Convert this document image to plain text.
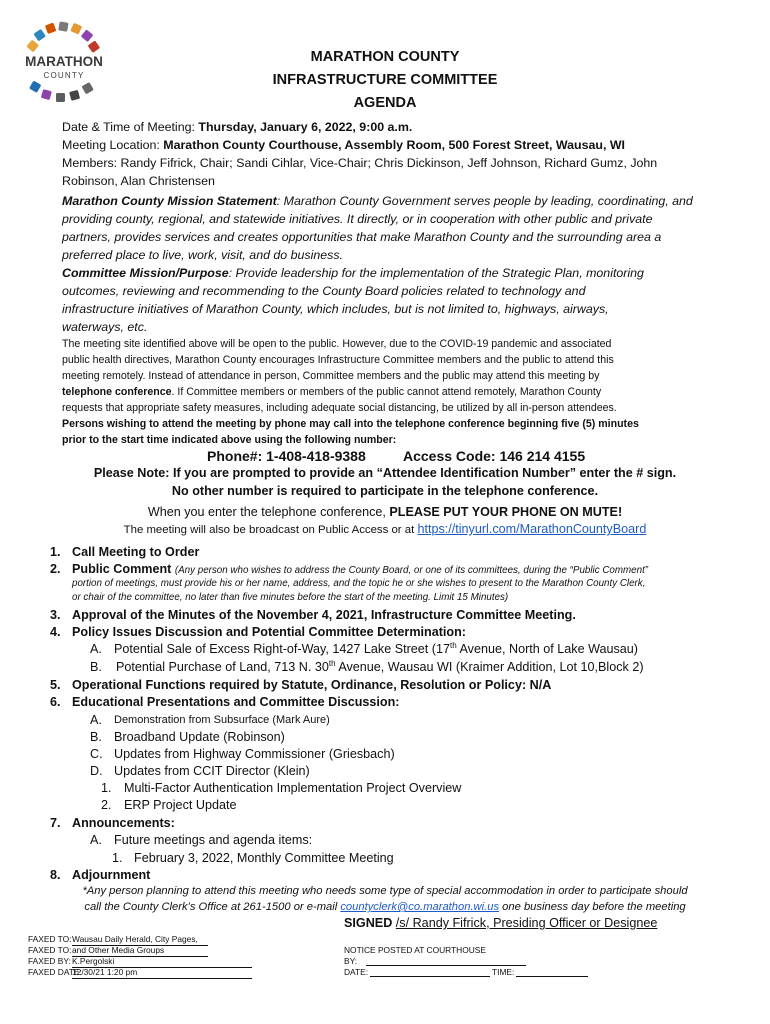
MARATHON
COUNTY
MARATHON COUNTY
INFRASTRUCTURE COMMITTEE
AGENDA
Date & Time of Meeting: Thursday, January 6, 2022, 9:00 a.m.
Meeting Location: Marathon County Courthouse, Assembly Room, 500 Forest Street, Wausau, WI
Members: Randy Fifrick, Chair; Sandi Cihlar, Vice-Chair; Chris Dickinson, Jeff Johnson, Richard Gumz, John
Robinson, Alan Christensen
Marathon County Mission Statement: Marathon County Government serves people by leading, coordinating, and
providing county, regional, and statewide initiatives. It directly, or in cooperation with other public and private
partners, provides services and creates opportunities that make Marathon County and the surrounding area a
preferred place to live, work, visit, and do business.
Committee Mission/Purpose: Provide leadership for the implementation of the Strategic Plan, monitoring
outcomes, reviewing and recommending to the County Board policies related to technology and
infrastructure initiatives of Marathon County, which includes, but is not limited to, highways, airways,
waterways, etc.
The meeting site identified above will be open to the public. However, due to the COVID-19 pandemic and associated
public health directives, Marathon County encourages Infrastructure Committee members and the public to attend this
meeting remotely. Instead of attendance in person, Committee members and the public may attend this meeting by
telephone conference. If Committee members or members of the public cannot attend remotely, Marathon County
requests that appropriate safety measures, including adequate social distancing, be utilized by all in-person attendees.
Persons wishing to attend the meeting by phone may call into the telephone conference beginning five (5) minutes
prior to the start time indicated above using the following number:
Phone#: 1-408-418-9388	Access Code: 146 214 4155
Please Note: If you are prompted to provide an “Attendee Identification Number” enter the # sign.
No other number is required to participate in the telephone conference.
When you enter the telephone conference, PLEASE PUT YOUR PHONE ON MUTE!
The meeting will also be broadcast on Public Access or at https://tinyurl.com/MarathonCountyBoard
1. Call Meeting to Order
2. Public Comment (Any person who wishes to address the County Board, or one of its committees, during the “Public Comment”
portion of meetings, must provide his or her name, address, and the topic he or she wishes to present to the Marathon County Clerk,
or chair of the committee, no later than five minutes before the start of the meeting. Limit 15 Minutes)
3. Approval of the Minutes of the November 4, 2021, Infrastructure Committee Meeting.
4. Policy Issues Discussion and Potential Committee Determination:
A. Potential Sale of Excess Right-of-Way, 1427 Lake Street (17th Avenue, North of Lake Wausau)
B. Potential Purchase of Land, 713 N. 30th Avenue, Wausau WI (Kraimer Addition, Lot 10,Block 2)
5. Operational Functions required by Statute, Ordinance, Resolution or Policy: N/A
6. Educational Presentations and Committee Discussion:
A. Demonstration from Subsurface (Mark Aure)
B. Broadband Update (Robinson)
C. Updates from Highway Commissioner (Griesbach)
D. Updates from CCIT Director (Klein)
1. Multi-Factor Authentication Implementation Project Overview
2. ERP Project Update
7. Announcements:
A. Future meetings and agenda items:
1. February 3, 2022, Monthly Committee Meeting
8. Adjournment
*Any person planning to attend this meeting who needs some type of special accommodation in order to participate should
call the County Clerk’s Office at 261-1500 or e-mail countyclerk@co.marathon.wi.us one business day before the meeting
SIGNED /s/ Randy Fifrick, Presiding Officer or Designee
FAXED TO: Wausau Daily Herald, City Pages,
FAXED TO: and Other Media Groups
FAXED BY: K.Pergolski
FAXED DATE:
12/30/21 1:20 pm
NOTICE POSTED AT COURTHOUSE
BY:
DATE:	TIME:
